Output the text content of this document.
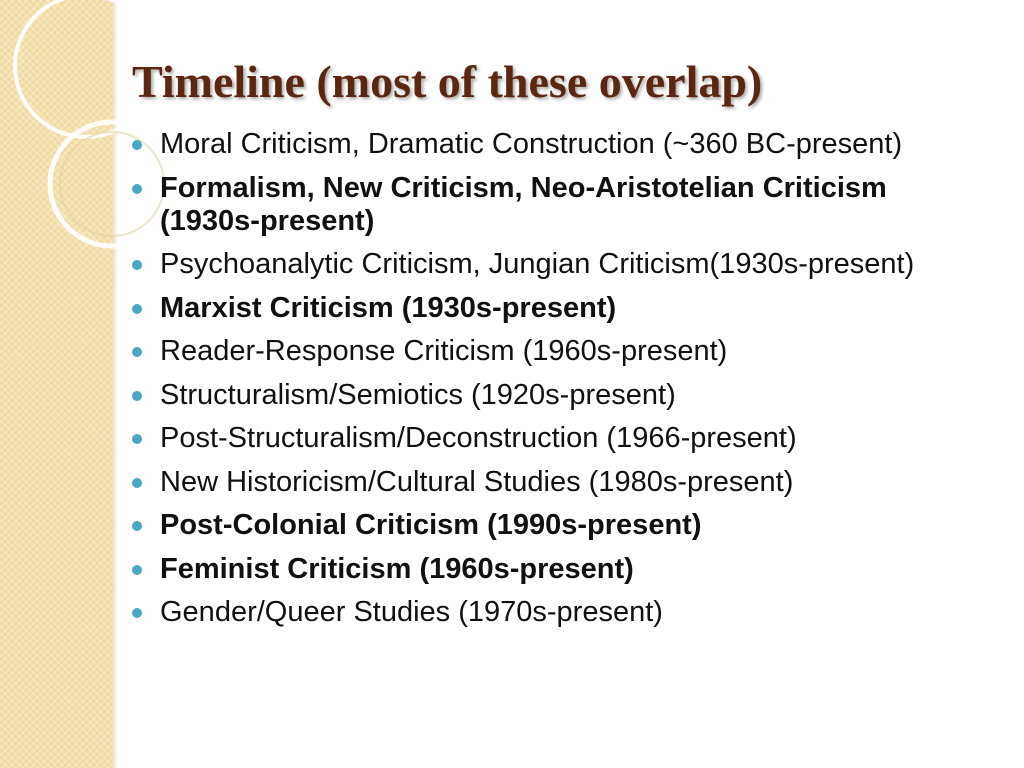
Timeline (most of these overlap)
Moral Criticism, Dramatic Construction (~360 BC-present)
Formalism, New Criticism, Neo-Aristotelian Criticism (1930s-present)
Psychoanalytic Criticism, Jungian Criticism(1930s-present)
Marxist Criticism (1930s-present)
Reader-Response Criticism (1960s-present)
Structuralism/Semiotics (1920s-present)
Post-Structuralism/Deconstruction (1966-present)
New Historicism/Cultural Studies (1980s-present)
Post-Colonial Criticism (1990s-present)
Feminist Criticism (1960s-present)
Gender/Queer Studies (1970s-present)
